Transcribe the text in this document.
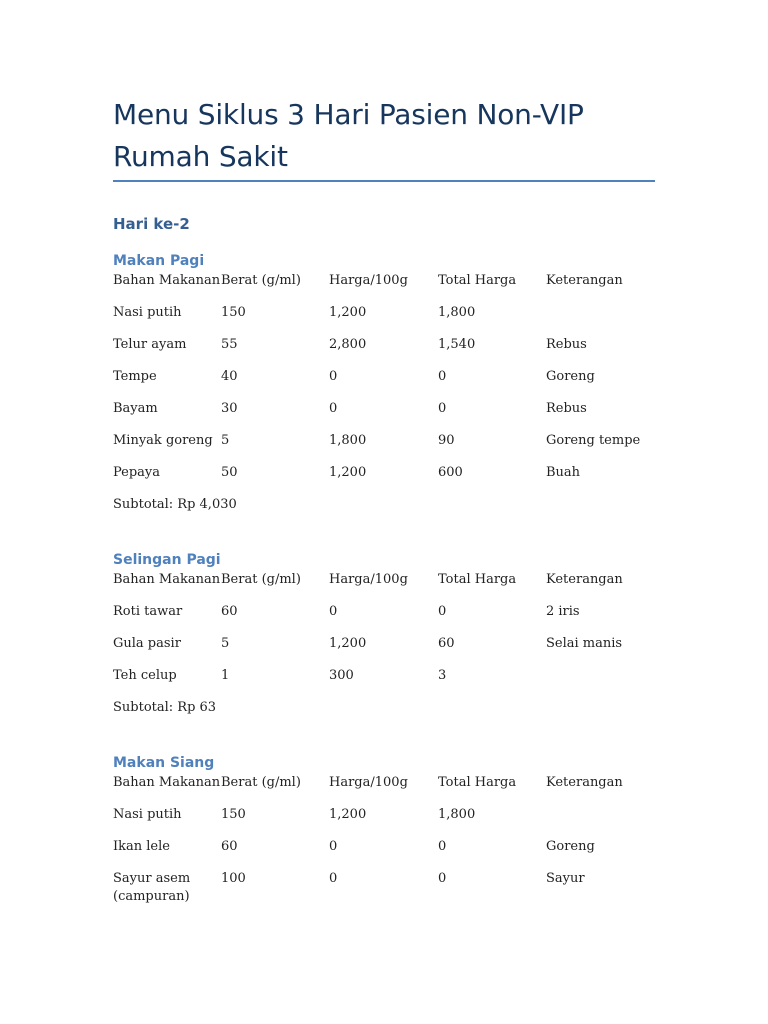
Menu Siklus 3 Hari Pasien Non-VIP
Rumah Sakit
Hari ke-2
Makan Pagi
Bahan Makanan	Berat (g/ml)	Harga/100g	Total Harga	Keterangan
Nasi putih	150	1,200	1,800	
Telur ayam	55	2,800	1,540	Rebus
Tempe	40	0	0	Goreng
Bayam	30	0	0	Rebus
Minyak goreng	5	1,800	90	Goreng tempe
Pepaya	50	1,200	600	Buah

Subtotal: Rp 4,030

Selingan Pagi
Bahan Makanan	Berat (g/ml)	Harga/100g	Total Harga	Keterangan
Roti tawar	60	0	0	2 iris
Gula pasir	5	1,200	60	Selai manis
Teh celup	1	300	3	

Subtotal: Rp 63

Makan Siang
Bahan Makanan	Berat (g/ml)	Harga/100g	Total Harga	Keterangan
Nasi putih	150	1,200	1,800	
Ikan lele	60	0	0	Goreng
Sayur asem (campuran)	100	0	0	Sayur
